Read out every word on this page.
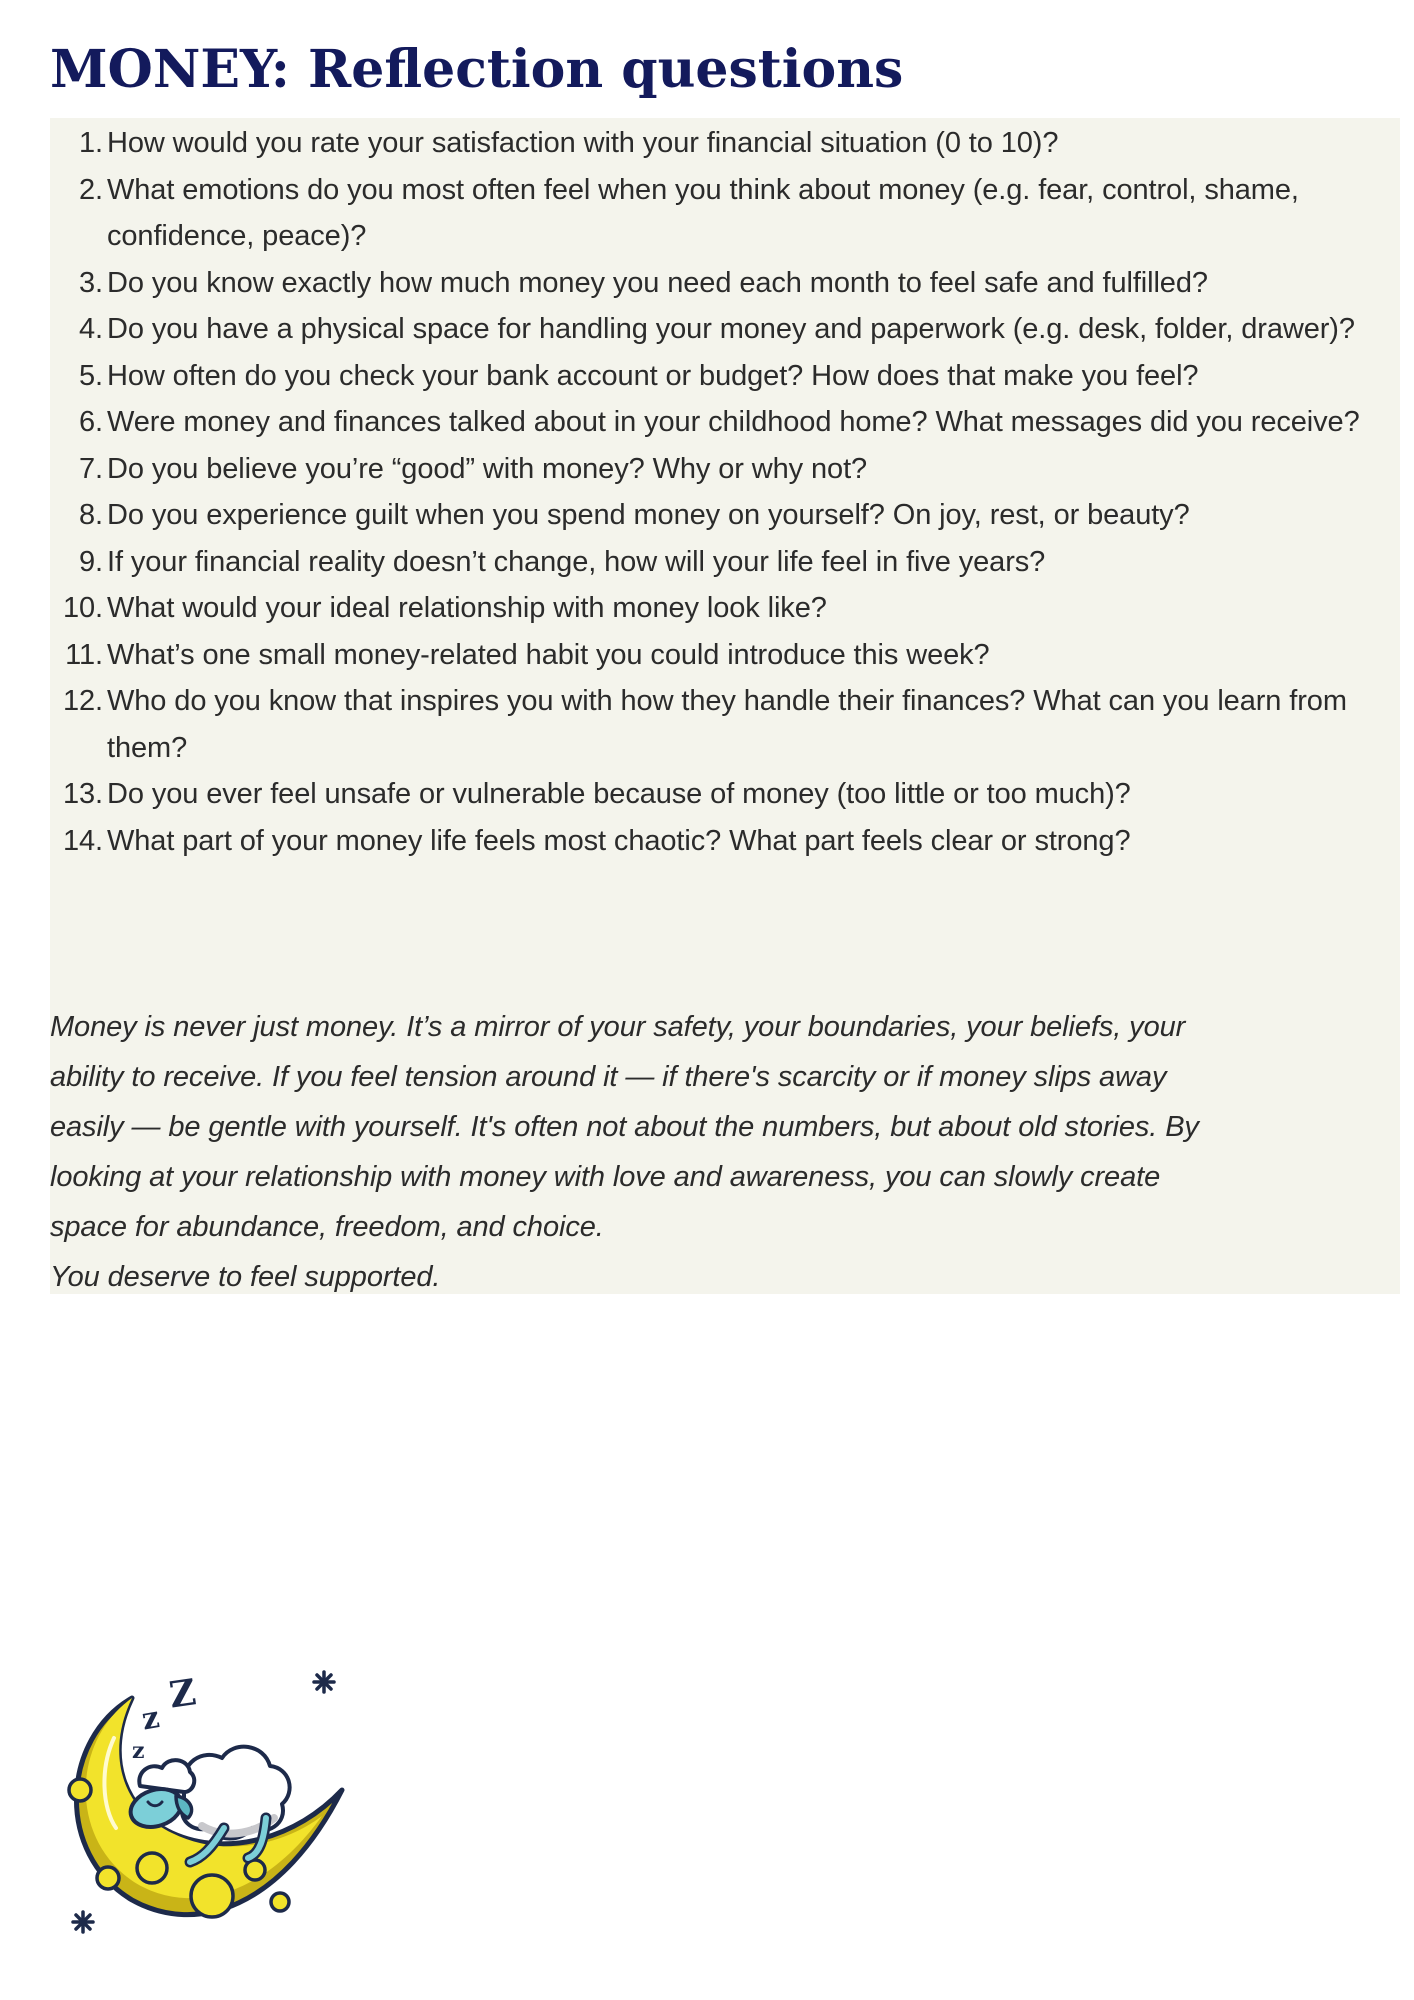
MONEY: Reflection questions
1. How would you rate your satisfaction with your financial situation (0 to 10)?
2. What emotions do you most often feel when you think about money (e.g. fear, control, shame, confidence, peace)?
3. Do you know exactly how much money you need each month to feel safe and fulfilled?
4. Do you have a physical space for handling your money and paperwork (e.g. desk, folder, drawer)?
5. How often do you check your bank account or budget? How does that make you feel?
6. Were money and finances talked about in your childhood home? What messages did you receive?
7. Do you believe you’re “good” with money? Why or why not?
8. Do you experience guilt when you spend money on yourself? On joy, rest, or beauty?
9. If your financial reality doesn’t change, how will your life feel in five years?
10. What would your ideal relationship with money look like?
11. What’s one small money-related habit you could introduce this week?
12. Who do you know that inspires you with how they handle their finances? What can you learn from them?
13. Do you ever feel unsafe or vulnerable because of money (too little or too much)?
14. What part of your money life feels most chaotic? What part feels clear or strong?

Money is never just money. It’s a mirror of your safety, your boundaries, your beliefs, your
ability to receive. If you feel tension around it — if there's scarcity or if money slips away
easily — be gentle with yourself. It's often not about the numbers, but about old stories. By
looking at your relationship with money with love and awareness, you can slowly create
space for abundance, freedom, and choice.
You deserve to feel supported.

z
z
Z
